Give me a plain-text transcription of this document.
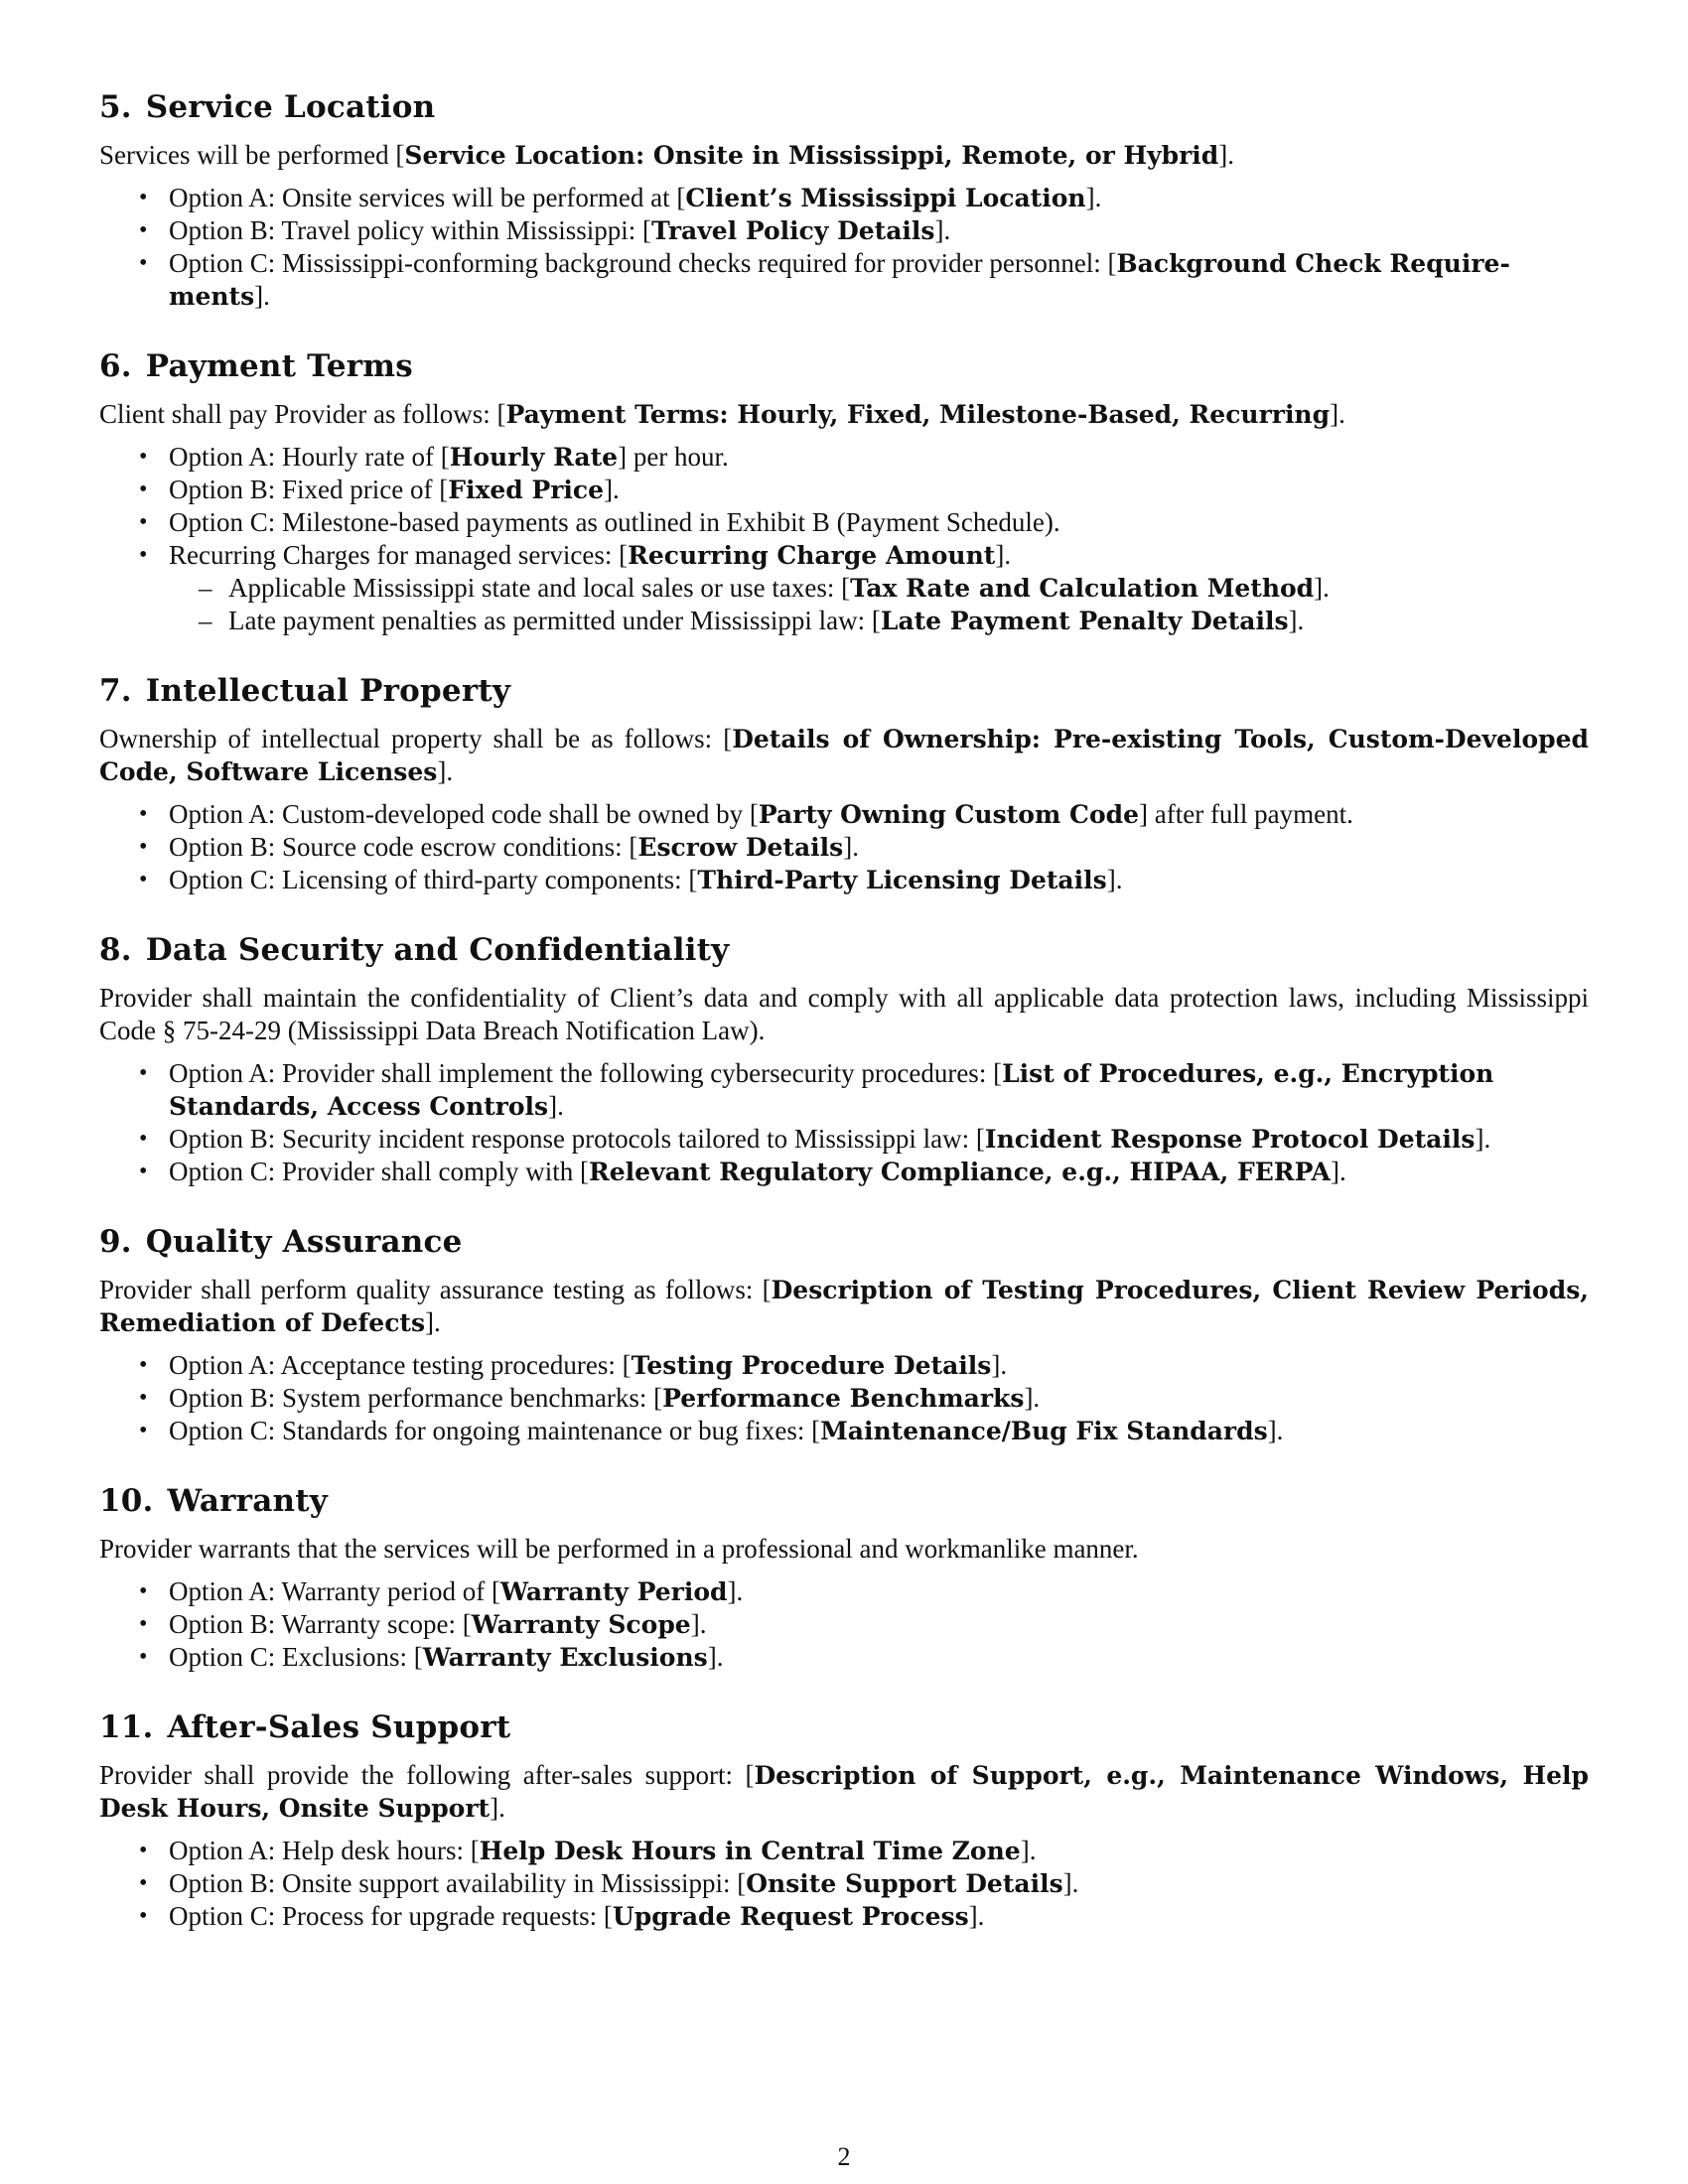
5. Service Location

Services will be performed [Service Location: Onsite in Mississippi, Remote, or Hybrid].

• Option A: Onsite services will be performed at [Client’s Mississippi Location].
• Option B: Travel policy within Mississippi: [Travel Policy Details].
• Option C: Mississippi-conforming background checks required for provider personnel: [Background Check Requirements].
6. Payment Terms

Client shall pay Provider as follows: [Payment Terms: Hourly, Fixed, Milestone-Based, Recurring].

• Option A: Hourly rate of [Hourly Rate] per hour.
• Option B: Fixed price of [Fixed Price].
• Option C: Milestone-based payments as outlined in Exhibit B (Payment Schedule).
• Recurring Charges for managed services: [Recurring Charge Amount].
– Applicable Mississippi state and local sales or use taxes: [Tax Rate and Calculation Method].
– Late payment penalties as permitted under Mississippi law: [Late Payment Penalty Details].
7. Intellectual Property

Ownership of intellectual property shall be as follows: [Details of Ownership: Pre-existing Tools, Custom-Developed Code, Software Licenses].

• Option A: Custom-developed code shall be owned by [Party Owning Custom Code] after full payment.
• Option B: Source code escrow conditions: [Escrow Details].
• Option C: Licensing of third-party components: [Third-Party Licensing Details].
8. Data Security and Confidentiality

Provider shall maintain the confidentiality of Client’s data and comply with all applicable data protection laws, including Mississippi Code § 75-24-29 (Mississippi Data Breach Notification Law).

• Option A: Provider shall implement the following cybersecurity procedures: [List of Procedures, e.g., Encryption Standards, Access Controls].
• Option B: Security incident response protocols tailored to Mississippi law: [Incident Response Protocol Details].
• Option C: Provider shall comply with [Relevant Regulatory Compliance, e.g., HIPAA, FERPA].
9. Quality Assurance

Provider shall perform quality assurance testing as follows: [Description of Testing Procedures, Client Review Periods, Remediation of Defects].

• Option A: Acceptance testing procedures: [Testing Procedure Details].
• Option B: System performance benchmarks: [Performance Benchmarks].
• Option C: Standards for ongoing maintenance or bug fixes: [Maintenance/Bug Fix Standards].
10. Warranty

Provider warrants that the services will be performed in a professional and workmanlike manner.

• Option A: Warranty period of [Warranty Period].
• Option B: Warranty scope: [Warranty Scope].
• Option C: Exclusions: [Warranty Exclusions].
11. After-Sales Support

Provider shall provide the following after-sales support: [Description of Support, e.g., Maintenance Windows, Help Desk Hours, Onsite Support].

• Option A: Help desk hours: [Help Desk Hours in Central Time Zone].
• Option B: Onsite support availability in Mississippi: [Onsite Support Details].
• Option C: Process for upgrade requests: [Upgrade Request Process].
2
